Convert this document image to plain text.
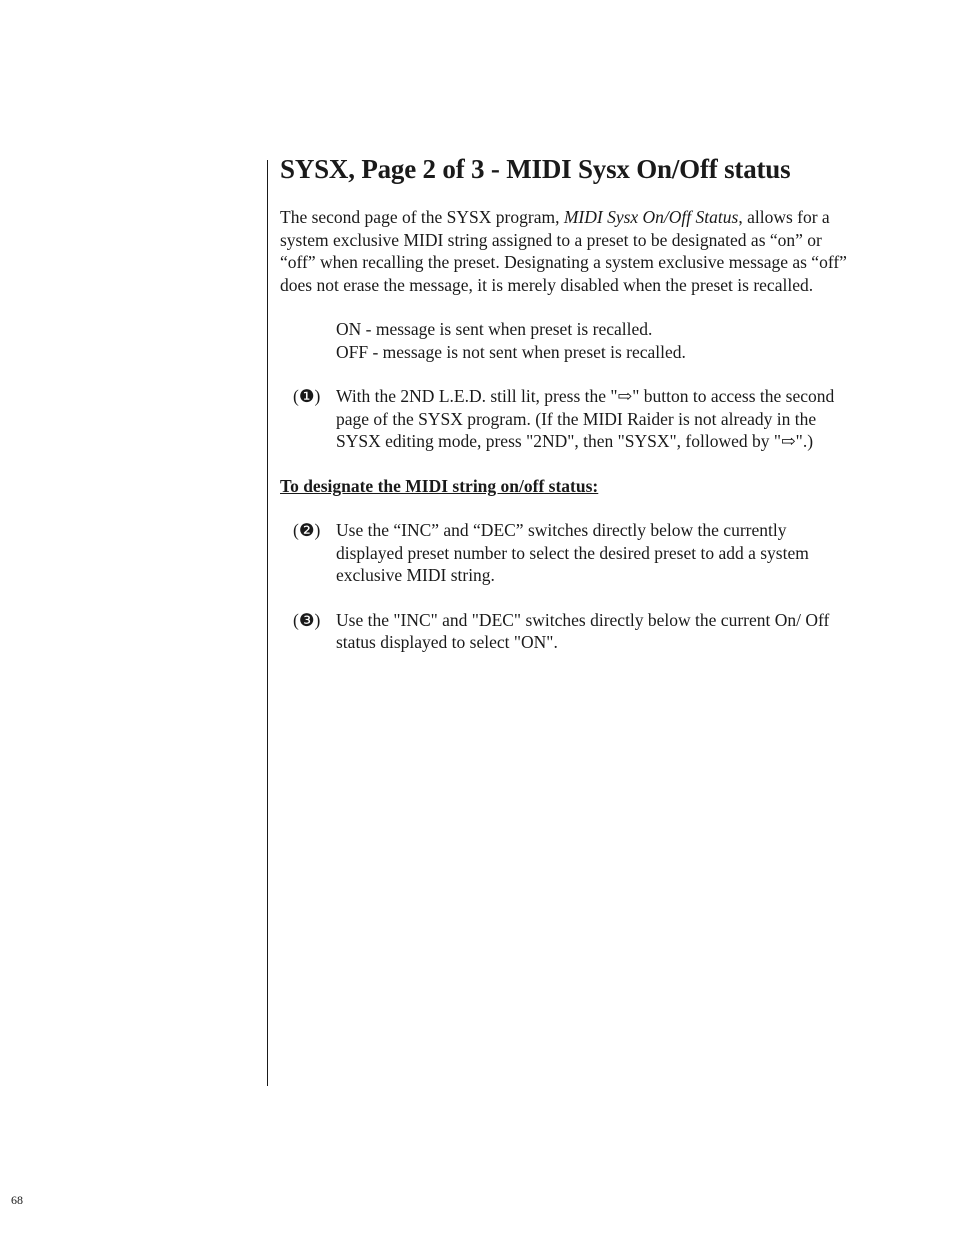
SYSX, Page 2 of 3 - MIDI Sysx On/Off status

The second page of the SYSX program, MIDI Sysx On/Off Status, allows for a system exclusive MIDI string assigned to a preset to be designated as “on” or “off” when recalling the preset. Designating a system exclusive message as “off” does not erase the message, it is merely disabled when the preset is recalled.

ON - message is sent when preset is recalled.
OFF - message is not sent when preset is recalled.
(❶) With the 2ND L.E.D. still lit, press the "⇨" button to access the second page of the SYSX program. (If the MIDI Raider is not already in the SYSX editing mode, press "2ND", then "SYSX", followed by "⇨".)
To designate the MIDI string on/off status:
(❷) Use the “INC” and “DEC” switches directly below the currently displayed preset number to select the desired preset to add a system exclusive MIDI string.
(❸) Use the "INC" and "DEC" switches directly below the current On/ Off status displayed to select "ON".
68
